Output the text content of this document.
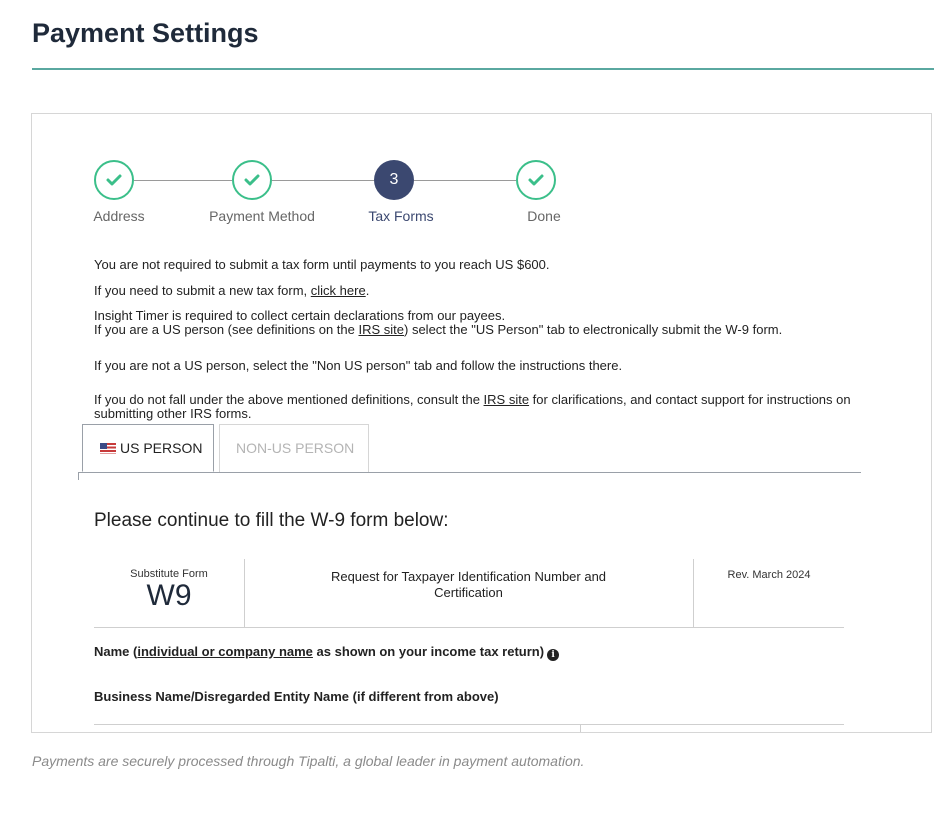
Payment Settings
3
Address	Payment Method	Tax Forms	Done
You are not required to submit a tax form until payments to you reach US $600.
If you need to submit a new tax form, click here.
Insight Timer is required to collect certain declarations from our payees.
If you are a US person (see definitions on the IRS site) select the "US Person" tab to electronically submit the W-9 form.
If you are not a US person, select the "Non US person" tab and follow the instructions there.
If you do not fall under the above mentioned definitions, consult the IRS site for clarifications, and contact support for instructions on submitting other IRS forms.
US PERSON	NON-US PERSON
Please continue to fill the W-9 form below:
Substitute Form
W9
Request for Taxpayer Identification Number and Certification
Rev. March 2024
Name (individual or company name as shown on your income tax return) i
Business Name/Disregarded Entity Name (if different from above)
Payments are securely processed through Tipalti, a global leader in payment automation.
